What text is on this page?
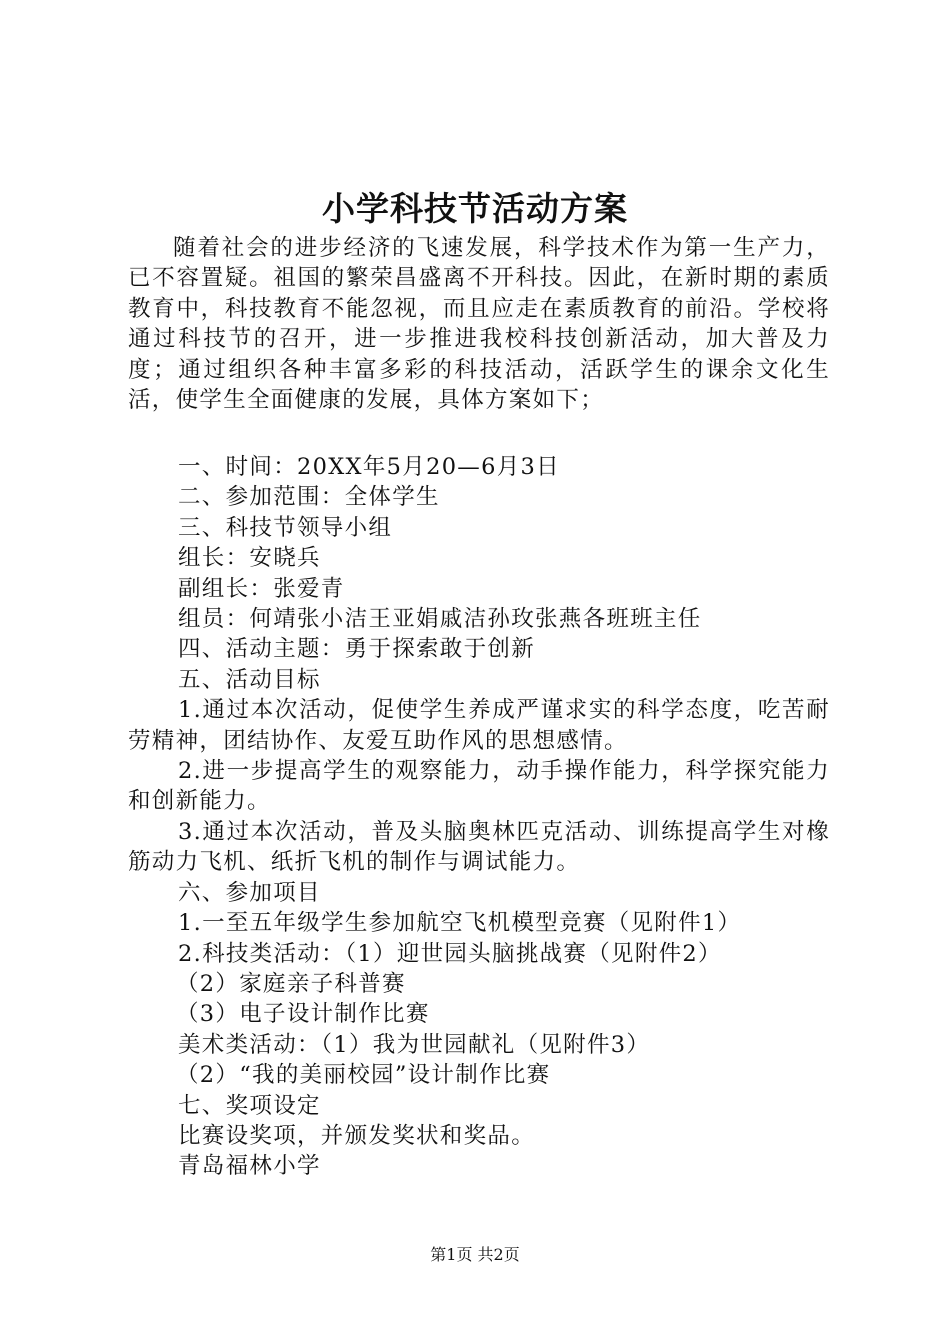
小学科技节活动方案

随着社会的进步经济的飞速发展，科学技术作为第一生产力，已不容置疑。祖国的繁荣昌盛离不开科技。因此，在新时期的素质教育中，科技教育不能忽视，而且应走在素质教育的前沿。学校将通过科技节的召开，进一步推进我校科技创新活动，加大普及力度；通过组织各种丰富多彩的科技活动，活跃学生的课余文化生活，使学生全面健康的发展，具体方案如下；

一、时间：20XX年5月20—6月3日
二、参加范围：全体学生
三、科技节领导小组
组长：安晓兵
副组长：张爱青
组员：何靖张小洁王亚娟戚洁孙玫张燕各班班主任
四、活动主题：勇于探索敢于创新
五、活动目标
1.通过本次活动，促使学生养成严谨求实的科学态度，吃苦耐劳精神，团结协作、友爱互助作风的思想感情。
2.进一步提高学生的观察能力，动手操作能力，科学探究能力和创新能力。
3.通过本次活动，普及头脑奥林匹克活动、训练提高学生对橡筋动力飞机、纸折飞机的制作与调试能力。
六、参加项目
1.一至五年级学生参加航空飞机模型竞赛（见附件1）
2.科技类活动：（1）迎世园头脑挑战赛（见附件2）
（2）家庭亲子科普赛
（3）电子设计制作比赛
美术类活动：（1）我为世园献礼（见附件3）
（2）“我的美丽校园”设计制作比赛
七、奖项设定
比赛设奖项，并颁发奖状和奖品。
青岛福林小学
第1页 共2页
